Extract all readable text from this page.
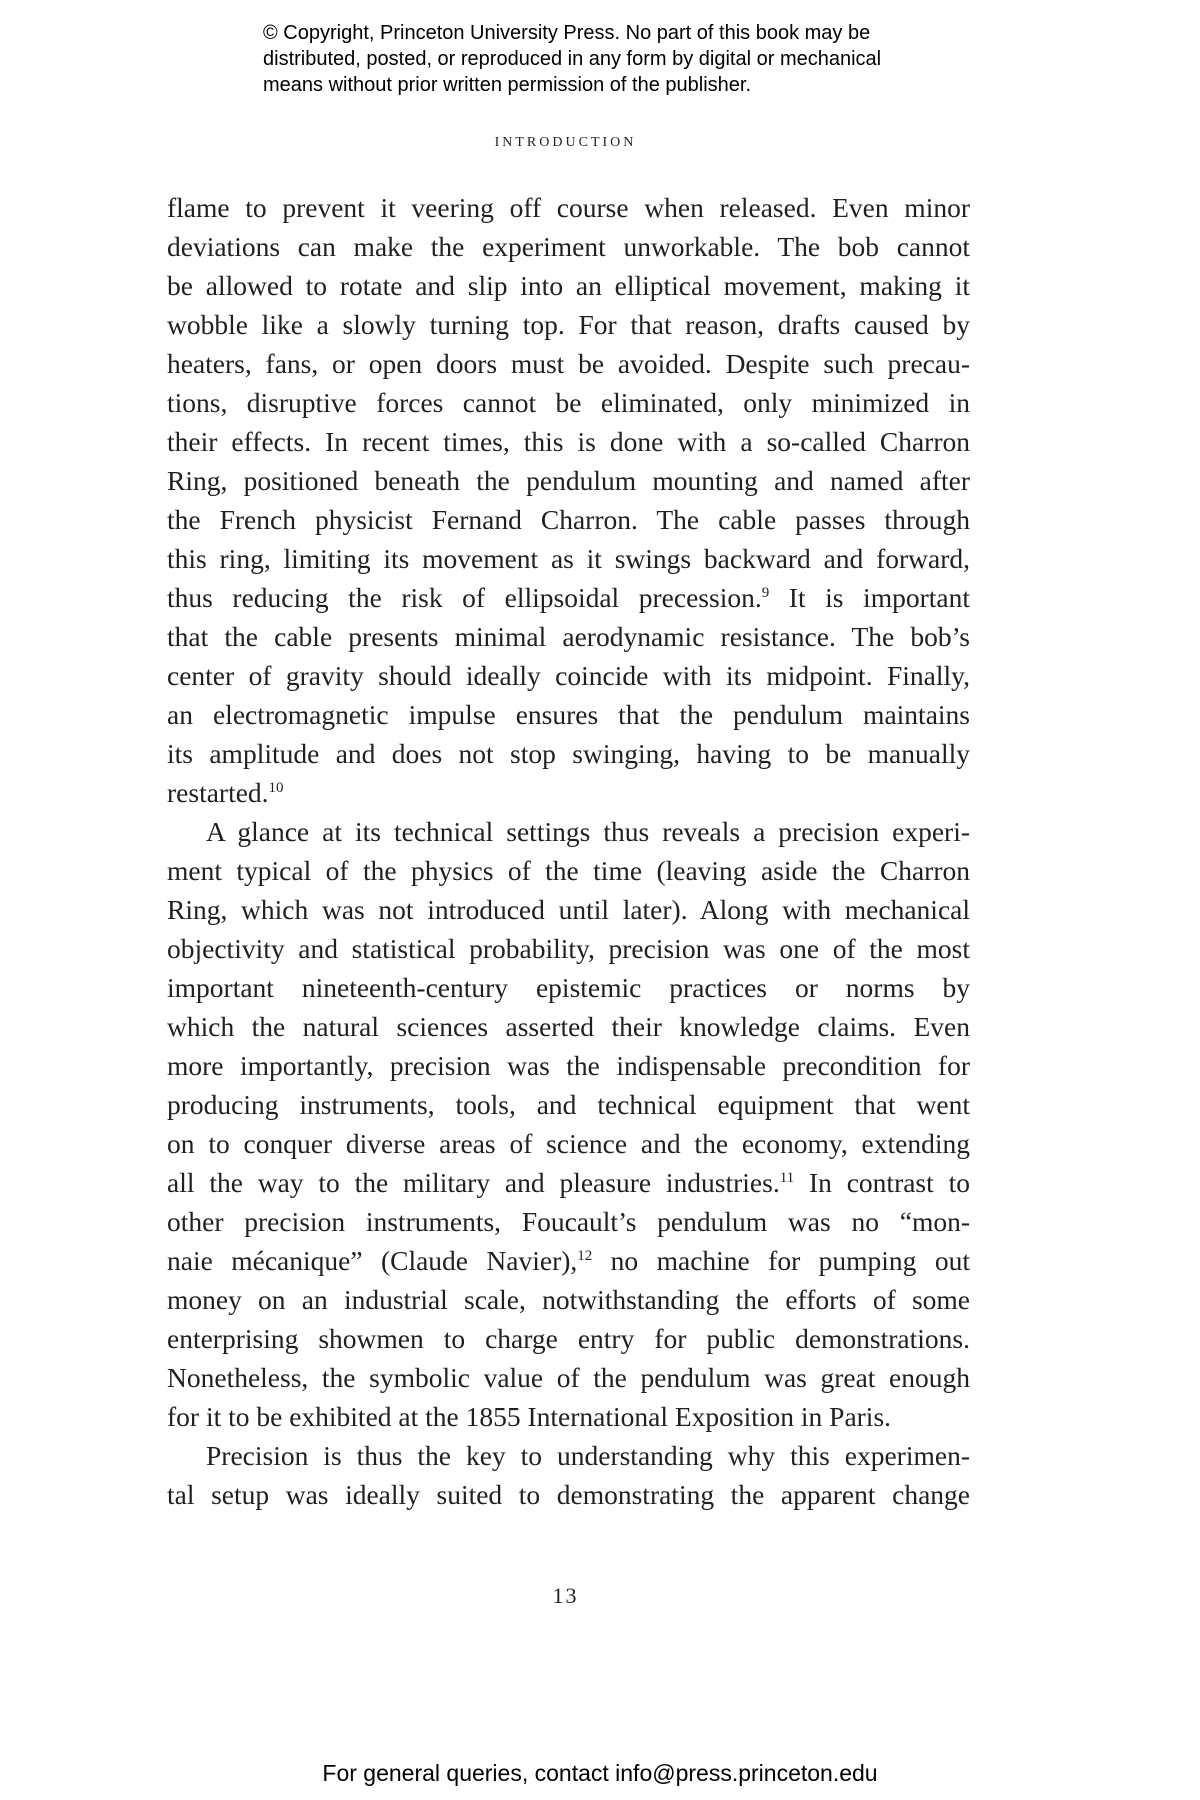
© Copyright, Princeton University Press. No part of this book may be
distributed, posted, or reproduced in any form by digital or mechanical
means without prior written permission of the publisher.
INTRODUCTION
flame to prevent it veering off course when released. Even minor
deviations can make the experiment unworkable. The bob cannot
be allowed to rotate and slip into an elliptical movement, making it
wobble like a slowly turning top. For that reason, drafts caused by
heaters, fans, or open doors must be avoided. Despite such precau-
tions, disruptive forces cannot be eliminated, only minimized in
their effects. In recent times, this is done with a so-called Charron
Ring, positioned beneath the pendulum mounting and named after
the French physicist Fernand Charron. The cable passes through
this ring, limiting its movement as it swings backward and forward,
thus reducing the risk of ellipsoidal precession.$^9$ It is important
that the cable presents minimal aerodynamic resistance. The bob’s
center of gravity should ideally coincide with its midpoint. Finally,
an electromagnetic impulse ensures that the pendulum maintains
its amplitude and does not stop swinging, having to be manually
restarted.$^{10}$
A glance at its technical settings thus reveals a precision experi-
ment typical of the physics of the time (leaving aside the Charron
Ring, which was not introduced until later). Along with mechanical
objectivity and statistical probability, precision was one of the most
important nineteenth-century epistemic practices or norms by
which the natural sciences asserted their knowledge claims. Even
more importantly, precision was the indispensable precondition for
producing instruments, tools, and technical equipment that went
on to conquer diverse areas of science and the economy, extending
all the way to the military and pleasure industries.$^{11}$ In contrast to
other precision instruments, Foucault’s pendulum was no “mon-
naie mécanique” (Claude Navier),$^{12}$ no machine for pumping out
money on an industrial scale, notwithstanding the efforts of some
enterprising showmen to charge entry for public demonstrations.
Nonetheless, the symbolic value of the pendulum was great enough
for it to be exhibited at the 1855 International Exposition in Paris.
Precision is thus the key to understanding why this experimen-
tal setup was ideally suited to demonstrating the apparent change
13
For general queries, contact info@press.princeton.edu
